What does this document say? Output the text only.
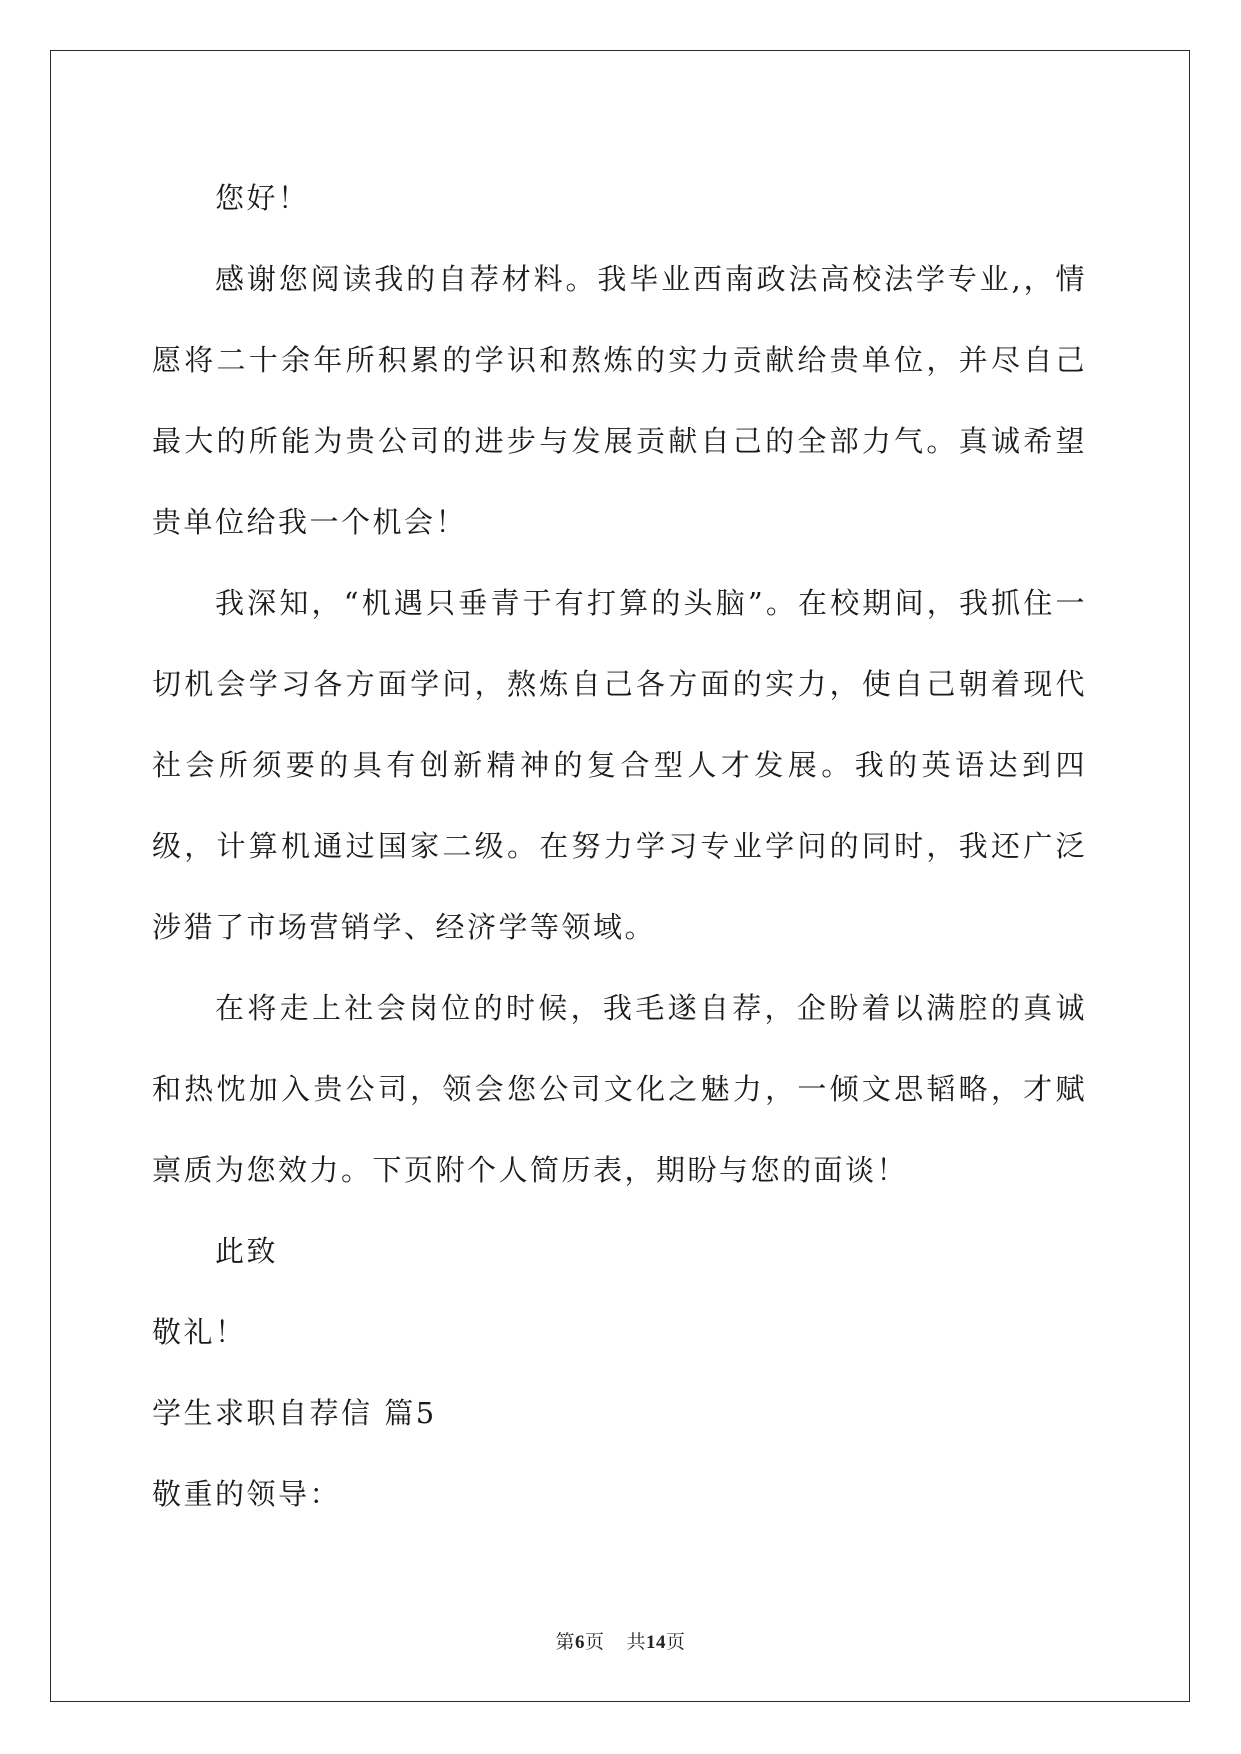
您好！

感谢您阅读我的自荐材料。我毕业西南政法高校法学专业,，情愿将二十余年所积累的学识和熬炼的实力贡献给贵单位，并尽自己最大的所能为贵公司的进步与发展贡献自己的全部力气。真诚希望贵单位给我一个机会！

我深知，“机遇只垂青于有打算的头脑”。在校期间，我抓住一切机会学习各方面学问，熬炼自己各方面的实力，使自己朝着现代社会所须要的具有创新精神的复合型人才发展。我的英语达到四级，计算机通过国家二级。在努力学习专业学问的同时，我还广泛涉猎了市场营销学、经济学等领域。

在将走上社会岗位的时候，我毛遂自荐，企盼着以满腔的真诚和热忱加入贵公司，领会您公司文化之魅力，一倾文思韬略，才赋禀质为您效力。下页附个人简历表，期盼与您的面谈！

此致

敬礼！

学生求职自荐信 篇5

敬重的领导：

第6页 共14页
